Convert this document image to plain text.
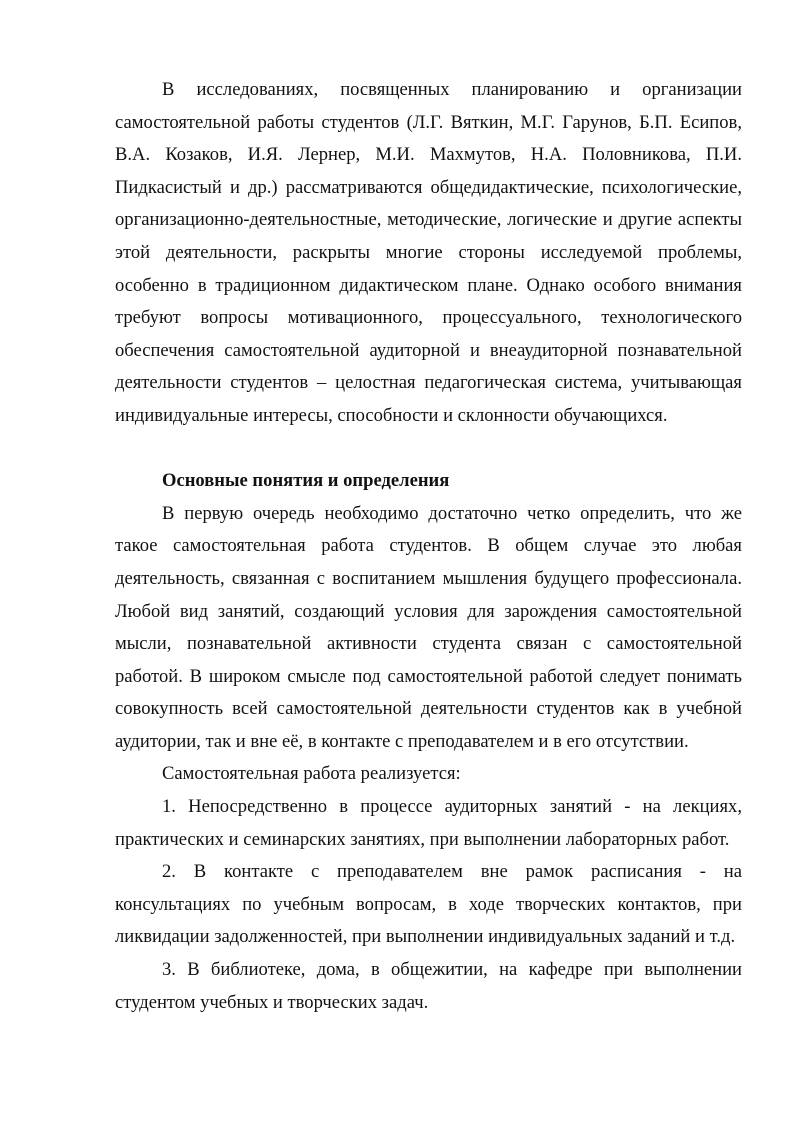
В исследованиях, посвященных планированию и организации самостоятельной работы студентов (Л.Г. Вяткин, М.Г. Гарунов, Б.П. Есипов, В.А. Козаков, И.Я. Лернер, М.И. Махмутов, Н.А. Половникова, П.И. Пидкасистый и др.) рассматриваются общедидактические, психологические, организационно-деятельностные, методические, логические и другие аспекты этой деятельности, раскрыты многие стороны исследуемой проблемы, особенно в традиционном дидактическом плане. Однако особого внимания требуют вопросы мотивационного, процессуального, технологического обеспечения самостоятельной аудиторной и внеаудиторной познавательной деятельности студентов – целостная педагогическая система, учитывающая индивидуальные интересы, способности и склонности обучающихся.

Основные понятия и определения

В первую очередь необходимо достаточно четко определить, что же такое самостоятельная работа студентов. В общем случае это любая деятельность, связанная с воспитанием мышления будущего профессионала. Любой вид занятий, создающий условия для зарождения самостоятельной мысли, познавательной активности студента связан с самостоятельной работой. В широком смысле под самостоятельной работой следует понимать совокупность всей самостоятельной деятельности студентов как в учебной аудитории, так и вне её, в контакте с преподавателем и в его отсутствии.

Самостоятельная работа реализуется:

1. Непосредственно в процессе аудиторных занятий - на лекциях, практических и семинарских занятиях, при выполнении лабораторных работ.

2. В контакте с преподавателем вне рамок расписания - на консультациях по учебным вопросам, в ходе творческих контактов, при ликвидации задолженностей, при выполнении индивидуальных заданий и т.д.

3. В библиотеке, дома, в общежитии, на кафедре при выполнении студентом учебных и творческих задач.
